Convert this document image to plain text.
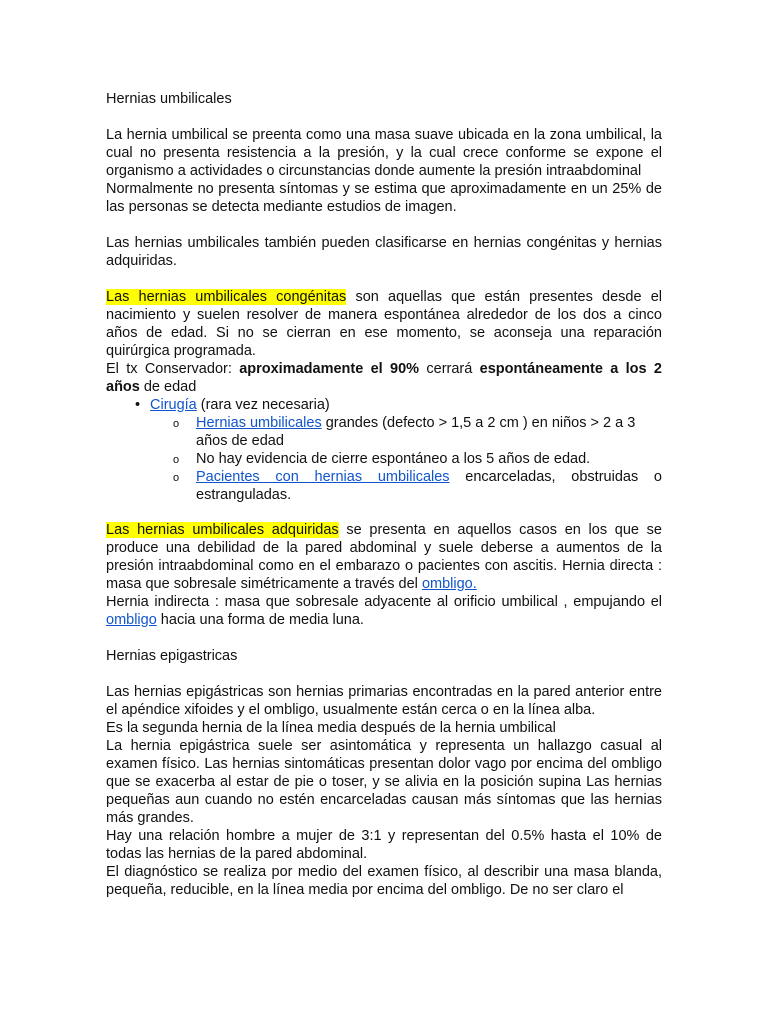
Hernias umbilicales

La hernia umbilical se preenta como una masa suave ubicada en la zona umbilical, la cual no presenta resistencia a la presión, y la cual crece conforme se expone el organismo a actividades o circunstancias donde aumente la presión intraabdominal

Normalmente no presenta síntomas y se estima que aproximadamente en un 25% de las personas se detecta mediante estudios de imagen.

Las hernias umbilicales también pueden clasificarse en hernias congénitas y hernias adquiridas.

Las hernias umbilicales congénitas son aquellas que están presentes desde el nacimiento y suelen resolver de manera espontánea alrededor de los dos a cinco años de edad. Si no se cierran en ese momento, se aconseja una reparación quirúrgica programada.

El tx Conservador: aproximadamente el 90% cerrará espontáneamente a los 2 años de edad

• Cirugía (rara vez necesaria)
o Hernias umbilicales grandes (defecto > 1,5 a 2 cm ) en niños > 2 a 3 años de edad
o No hay evidencia de cierre espontáneo a los 5 años de edad.
o Pacientes con hernias umbilicales encarceladas, obstruidas o estranguladas.

Las hernias umbilicales adquiridas se presenta en aquellos casos en los que se produce una debilidad de la pared abdominal y suele deberse a aumentos de la presión intraabdominal como en el embarazo o pacientes con ascitis. Hernia directa : masa que sobresale simétricamente a través del ombligo.

Hernia indirecta : masa que sobresale adyacente al orificio umbilical , empujando el ombligo hacia una forma de media luna.

Hernias epigastricas

Las hernias epigástricas son hernias primarias encontradas en la pared anterior entre el apéndice xifoides y el ombligo, usualmente están cerca o en la línea alba.

Es la segunda hernia de la línea media después de la hernia umbilical

La hernia epigástrica suele ser asintomática y representa un hallazgo casual al examen físico. Las hernias sintomáticas presentan dolor vago por encima del ombligo que se exacerba al estar de pie o toser, y se alivia en la posición supina Las hernias pequeñas aun cuando no estén encarceladas causan más síntomas que las hernias más grandes.

Hay una relación hombre a mujer de 3:1 y representan del 0.5% hasta el 10% de todas las hernias de la pared abdominal.

El diagnóstico se realiza por medio del examen físico, al describir una masa blanda, pequeña, reducible, en la línea media por encima del ombligo. De no ser claro el
